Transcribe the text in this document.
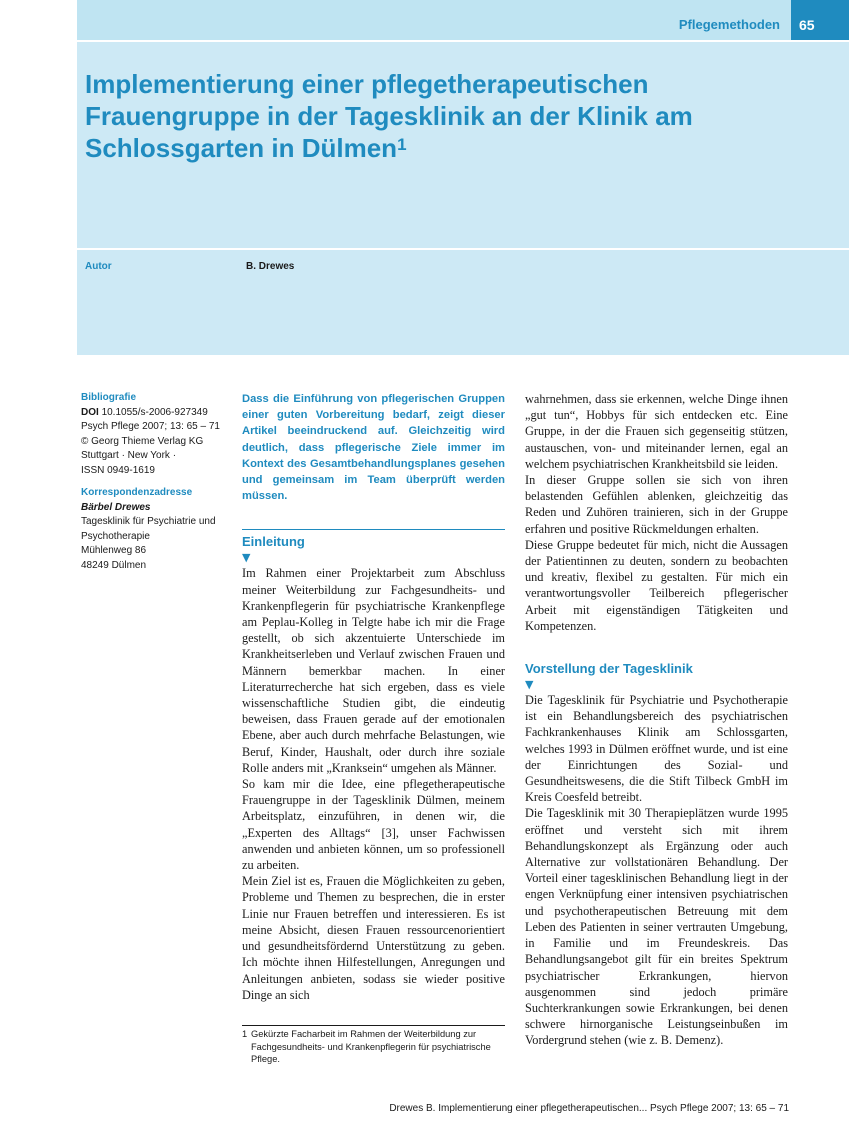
Pflegemethoden	65
Implementierung einer pflegetherapeutischen Frauengruppe in der Tagesklinik an der Klinik am Schlossgarten in Dülmen$^1$
Autor	B. Drewes
Bibliografie
DOI 10.1055/s-2006-927349
Psych Pflege 2007; 13: 65 – 71
© Georg Thieme Verlag KG
Stuttgart · New York ·
ISSN 0949-1619
Korrespondenzadresse
Bärbel Drewes
Tagesklinik für Psychiatrie und
Psychotherapie
Mühlenweg 86
48249 Dülmen

Dass die Einführung von pflegerischen Gruppen einer guten Vorbereitung bedarf, zeigt dieser Artikel beeindruckend auf. Gleichzeitig wird deutlich, dass pflegerische Ziele immer im Kontext des Gesamtbehandlungsplanes gesehen und gemeinsam im Team überprüft werden müssen.

Einleitung
▼

Im Rahmen einer Projektarbeit zum Abschluss meiner Weiterbildung zur Fachgesundheits- und Krankenpflegerin für psychiatrische Krankenpflege am Peplau-Kolleg in Telgte habe ich mir die Frage gestellt, ob sich akzentuierte Unterschiede im Krankheitserleben und Verlauf zwischen Frauen und Männern bemerkbar machen. In einer Literaturrecherche hat sich ergeben, dass es viele wissenschaftliche Studien gibt, die eindeutig beweisen, dass Frauen gerade auf der emotionalen Ebene, aber auch durch mehrfache Belastungen, wie Beruf, Kinder, Haushalt, oder durch ihre soziale Rolle anders mit „Kranksein“ umgehen als Männer.

So kam mir die Idee, eine pflegetherapeutische Frauengruppe in der Tagesklinik Dülmen, meinem Arbeitsplatz, einzuführen, in denen wir, die „Experten des Alltags“ [3], unser Fachwissen anwenden und anbieten können, um so professionell zu arbeiten.

Mein Ziel ist es, Frauen die Möglichkeiten zu geben, Probleme und Themen zu besprechen, die in erster Linie nur Frauen betreffen und interessieren. Es ist meine Absicht, diesen Frauen ressourcenorientiert und gesundheitsfördernd Unterstützung zu geben. Ich möchte ihnen Hilfestellungen, Anregungen und Anleitungen anbieten, sodass sie wieder positive Dinge an sich

1 Gekürzte Facharbeit im Rahmen der Weiterbildung zur Fachgesundheits- und Krankenpflegerin für psychiatrische Pflege.

wahrnehmen, dass sie erkennen, welche Dinge ihnen „gut tun“, Hobbys für sich entdecken etc. Eine Gruppe, in der die Frauen sich gegenseitig stützen, austauschen, von- und miteinander lernen, egal an welchem psychiatrischen Krankheitsbild sie leiden.

In dieser Gruppe sollen sie sich von ihren belastenden Gefühlen ablenken, gleichzeitig das Reden und Zuhören trainieren, sich in der Gruppe erfahren und positive Rückmeldungen erhalten.

Diese Gruppe bedeutet für mich, nicht die Aussagen der Patientinnen zu deuten, sondern zu beobachten und kreativ, flexibel zu gestalten. Für mich ein verantwortungsvoller Teilbereich pflegerischer Arbeit mit eigenständigen Tätigkeiten und Kompetenzen.

Vorstellung der Tagesklinik
▼

Die Tagesklinik für Psychiatrie und Psychotherapie ist ein Behandlungsbereich des psychiatrischen Fachkrankenhauses Klinik am Schlossgarten, welches 1993 in Dülmen eröffnet wurde, und ist eine der Einrichtungen des Sozial- und Gesundheitswesens, die die Stift Tilbeck GmbH im Kreis Coesfeld betreibt.

Die Tagesklinik mit 30 Therapieplätzen wurde 1995 eröffnet und versteht sich mit ihrem Behandlungskonzept als Ergänzung oder auch Alternative zur vollstationären Behandlung. Der Vorteil einer tagesklinischen Behandlung liegt in der engen Verknüpfung einer intensiven psychiatrischen und psychotherapeutischen Betreuung mit dem Leben des Patienten in seiner vertrauten Umgebung, in Familie und im Freundeskreis. Das Behandlungsangebot gilt für ein breites Spektrum psychiatrischer Erkrankungen, hiervon ausgenommen sind jedoch primäre Suchterkrankungen sowie Erkrankungen, bei denen schwere hirnorganische Leistungseinbußen im Vordergrund stehen (wie z. B. Demenz).

Drewes B. Implementierung einer pflegetherapeutischen... Psych Pflege 2007; 13: 65 – 71
